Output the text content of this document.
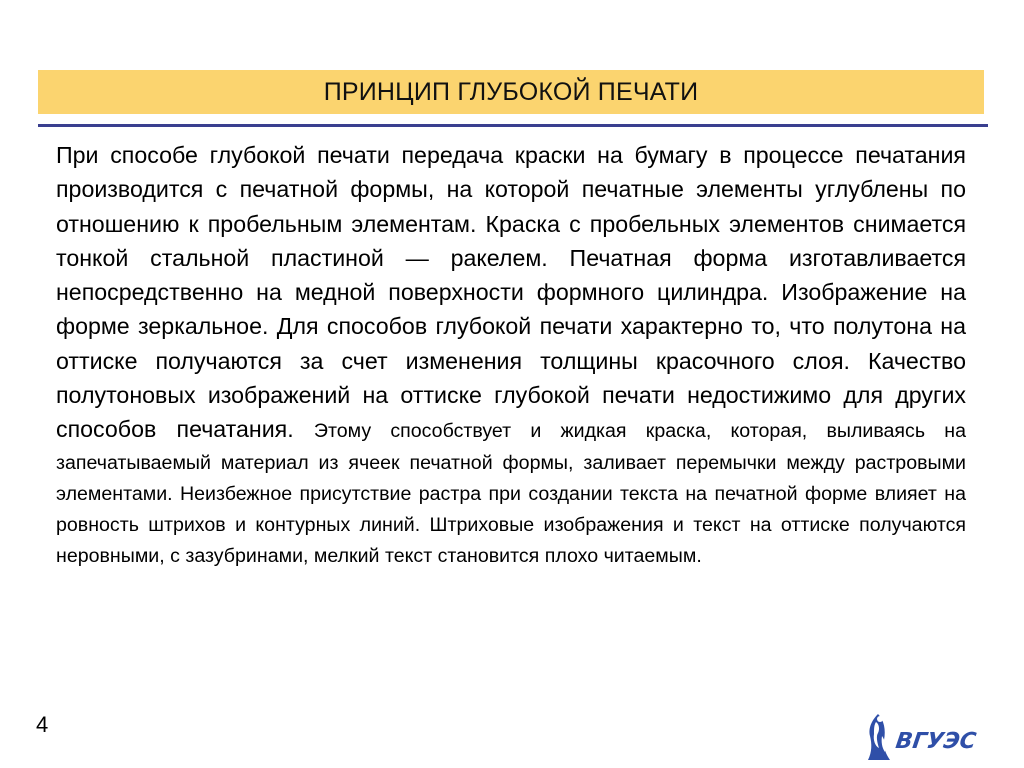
ПРИНЦИП ГЛУБОКОЙ ПЕЧАТИ
При способе глубокой печати передача краски на бумагу в процессе печатания производится с печатной формы, на которой печатные элементы углублены по отношению к пробельным элементам. Краска с пробельных элементов снимается тонкой стальной пластиной — ракелем. Печатная форма изготавливается непосредственно на медной поверхности формного цилиндра. Изображение на форме зеркальное. Для способов глубокой печати характерно то, что полутона на оттиске получаются за счет изменения толщины красочного слоя. Качество полутоновых изображений на оттиске глубокой печати недостижимо для других способов печатания. Этому способствует и жидкая краска, которая, выливаясь на запечатываемый материал из ячеек печатной формы, заливает перемычки между растровыми элементами. Неизбежное присутствие растра при создании текста на печатной форме влияет на ровность штрихов и контурных линий. Штриховые изображения и текст на оттиске получаются неровными, с зазубринами, мелкий текст становится плохо читаемым.
4
ВГУЭС
